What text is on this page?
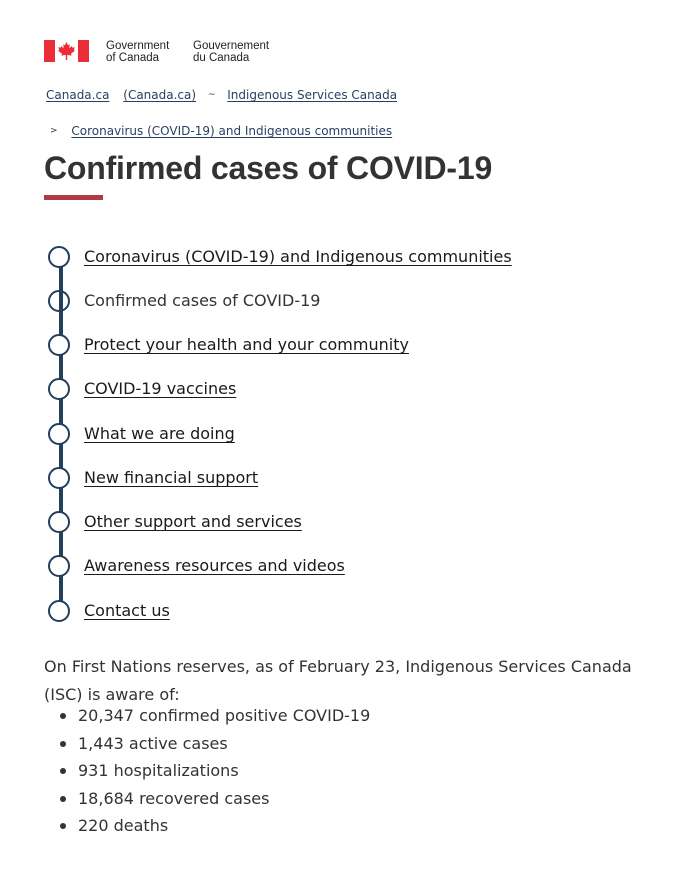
Government
of Canada
Gouvernement
du Canada
Canada.ca (Canada.ca) ~ Indigenous Services Canada
> Coronavirus (COVID-19) and Indigenous communities
Confirmed cases of COVID-19
Coronavirus (COVID-19) and Indigenous communities
Confirmed cases of COVID-19
Protect your health and your community
COVID-19 vaccines
What we are doing
New financial support
Other support and services
Awareness resources and videos
Contact us

On First Nations reserves, as of February 23, Indigenous Services Canada (ISC) is aware of:

20,347 confirmed positive COVID-19
1,443 active cases
931 hospitalizations
18,684 recovered cases
220 deaths
